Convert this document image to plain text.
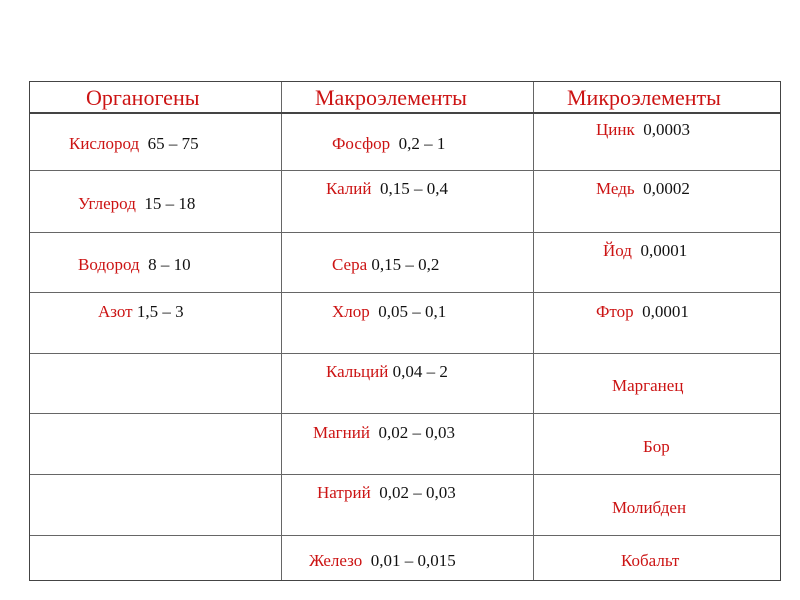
Органогены	Макроэлементы	Микроэлементы
Кислород 65 – 75
Углерод 15 – 18
Водород 8 – 10
Азот 1,5 – 3
Фосфор 0,2 – 1
Калий 0,15 – 0,4
Сера 0,15 – 0,2
Хлор 0,05 – 0,1
Кальций 0,04 – 2
Магний 0,02 – 0,03
Натрий 0,02 – 0,03
Железо 0,01 – 0,015
Цинк 0,0003
Медь 0,0002
Йод 0,0001
Фтор 0,0001
Марганец
Бор
Молибден
Кобальт
